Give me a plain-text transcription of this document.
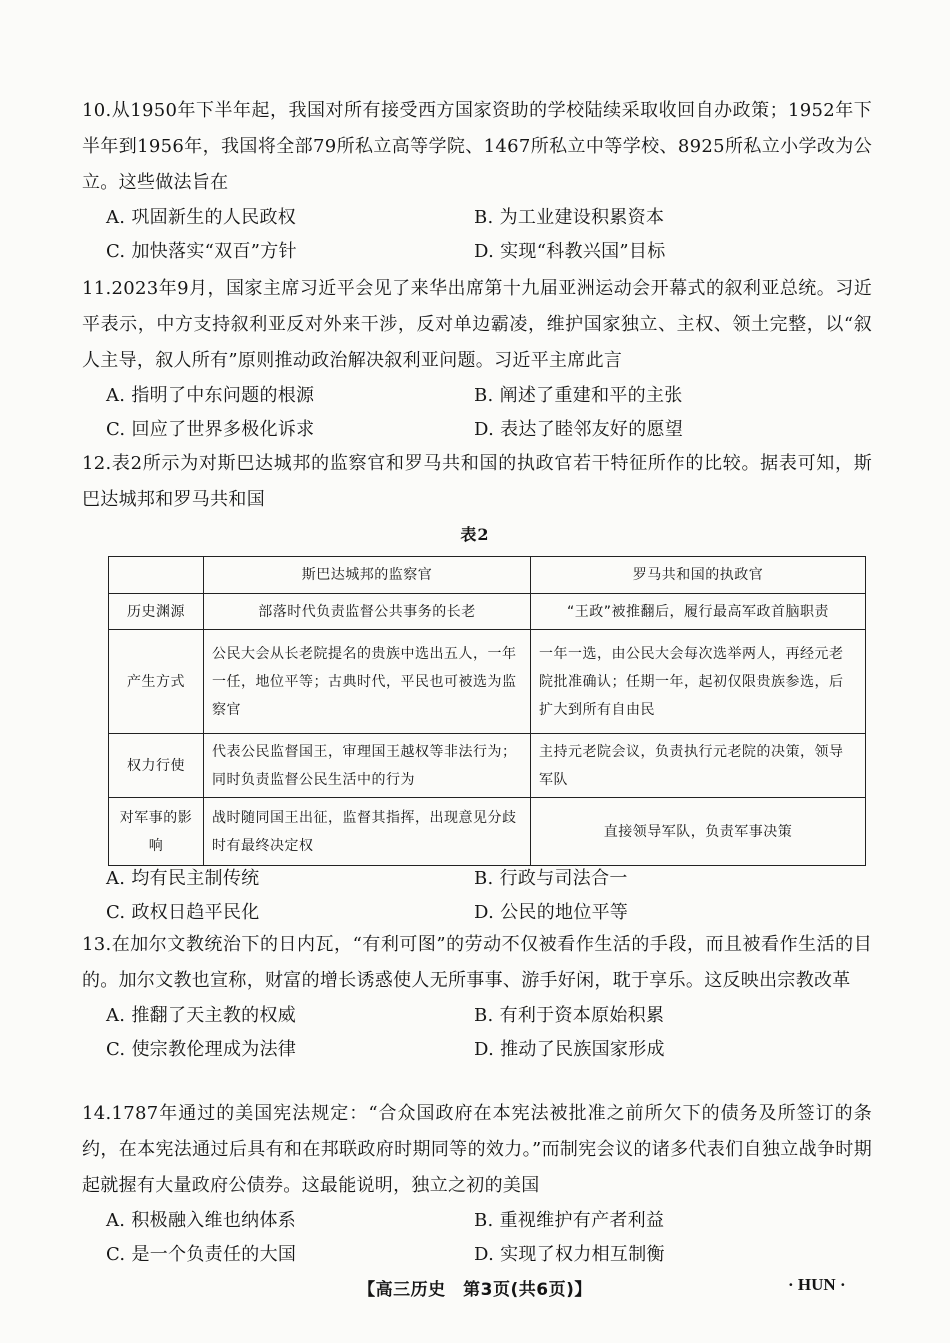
10.从1950年下半年起，我国对所有接受西方国家资助的学校陆续采取收回自办政策；1952年下半年到1956年，我国将全部79所私立高等学院、1467所私立中等学校、8925所私立小学改为公立。这些做法旨在

A. 巩固新生的人民政权	B. 为工业建设积累资本
C. 加快落实“双百”方针	D. 实现“科教兴国”目标

11.2023年9月，国家主席习近平会见了来华出席第十九届亚洲运动会开幕式的叙利亚总统。习近平表示，中方支持叙利亚反对外来干涉，反对单边霸凌，维护国家独立、主权、领土完整，以“叙人主导，叙人所有”原则推动政治解决叙利亚问题。习近平主席此言

A. 指明了中东问题的根源	B. 阐述了重建和平的主张
C. 回应了世界多极化诉求	D. 表达了睦邻友好的愿望

12.表2所示为对斯巴达城邦的监察官和罗马共和国的执政官若干特征所作的比较。据表可知，斯巴达城邦和罗马共和国

表2
	斯巴达城邦的监察官	罗马共和国的执政官
历史渊源	部落时代负责监督公共事务的长老	“王政”被推翻后，履行最高军政首脑职责
产生方式	公民大会从长老院提名的贵族中选出五人，一年一任，地位平等；古典时代，平民也可被选为监察官	一年一选，由公民大会每次选举两人，再经元老院批准确认；任期一年，起初仅限贵族参选，后扩大到所有自由民
权力行使	代表公民监督国王，审理国王越权等非法行为；同时负责监督公民生活中的行为	主持元老院会议，负责执行元老院的决策，领导军队
对军事的影响	战时随同国王出征，监督其指挥，出现意见分歧时有最终决定权	直接领导军队，负责军事决策
A. 均有民主制传统	B. 行政与司法合一
C. 政权日趋平民化	D. 公民的地位平等

13.在加尔文教统治下的日内瓦，“有利可图”的劳动不仅被看作生活的手段，而且被看作生活的目的。加尔文教也宣称，财富的增长诱惑使人无所事事、游手好闲，耽于享乐。这反映出宗教改革

A. 推翻了天主教的权威	B. 有利于资本原始积累
C. 使宗教伦理成为法律	D. 推动了民族国家形成

14.1787年通过的美国宪法规定：“合众国政府在本宪法被批准之前所欠下的债务及所签订的条约，在本宪法通过后具有和在邦联政府时期同等的效力。”而制宪会议的诸多代表们自独立战争时期起就握有大量政府公债券。这最能说明，独立之初的美国

A. 积极融入维也纳体系	B. 重视维护有产者利益
C. 是一个负责任的大国	D. 实现了权力相互制衡
【高三历史　第3页(共6页)】	· HUN ·
